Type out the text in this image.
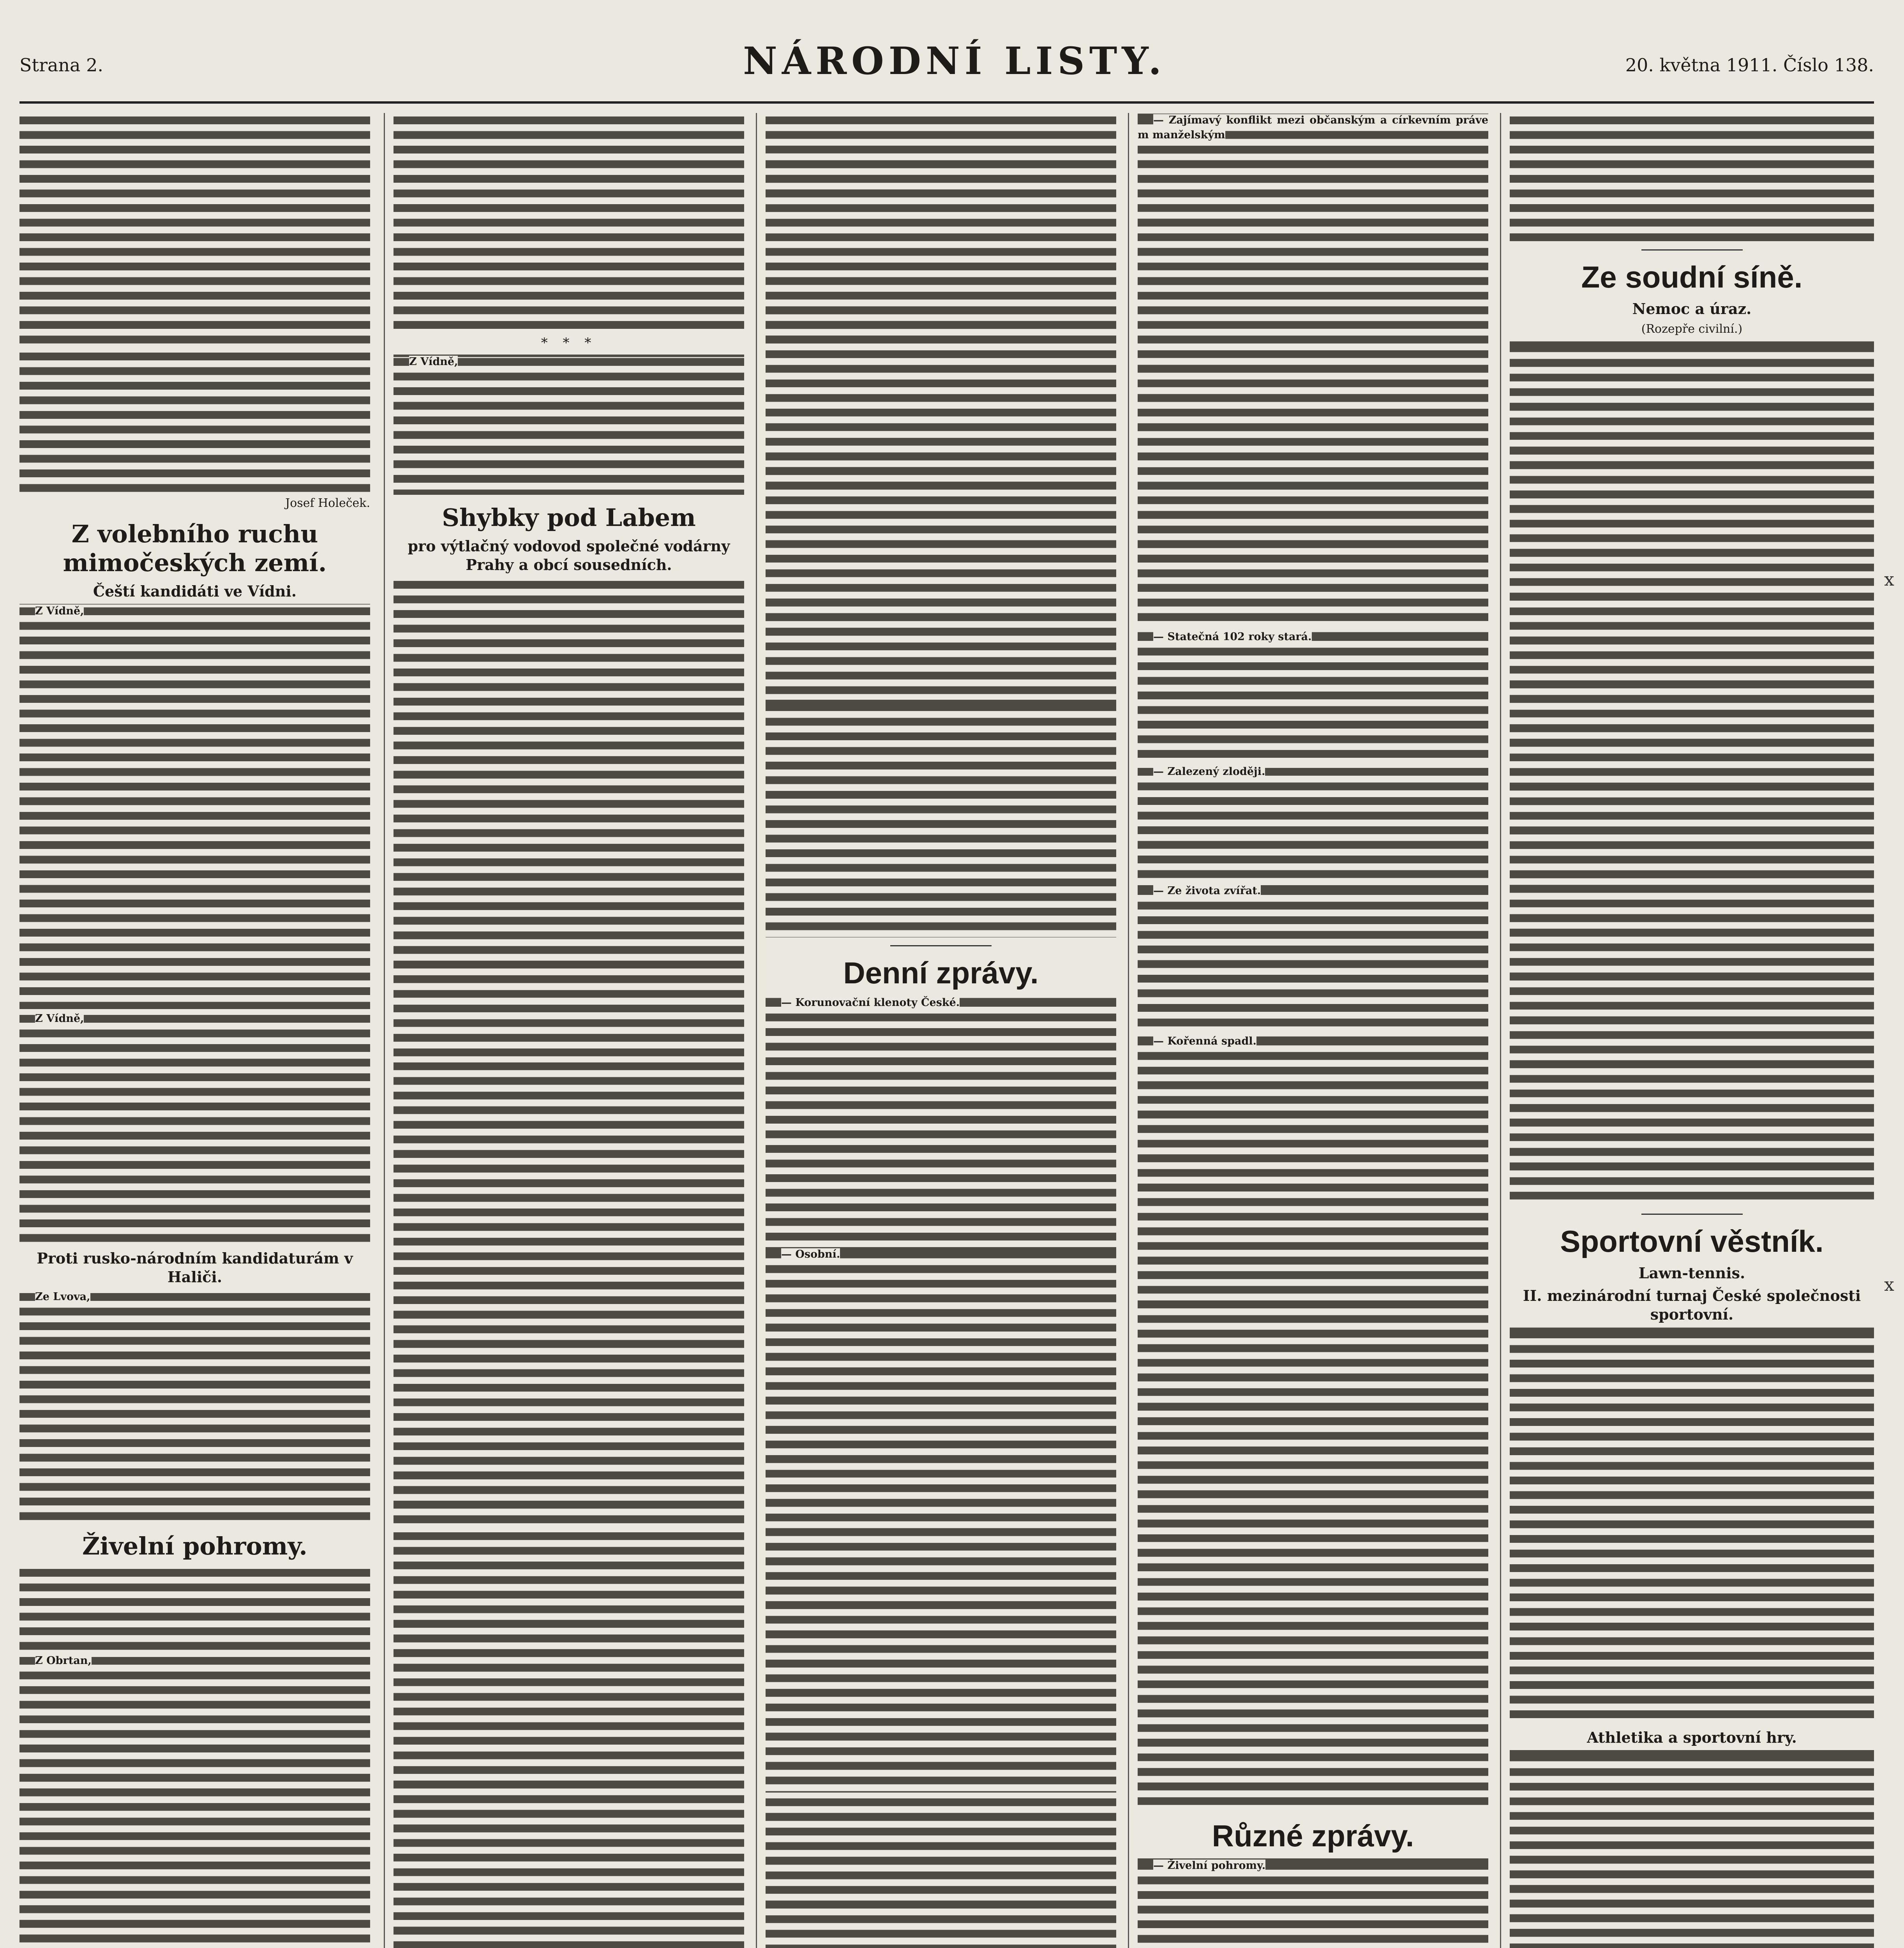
Strana 2.	NÁRODNÍ LISTY.	20. května 1911. Číslo 138.
x
x

Josef Holeček.
Z volebního ruchu mimočeských zemí.
Čeští kandidáti ve Vídni.

Z Vídně,

Z Vídně,

Proti rusko-národním kandidaturám v Haliči.

Ze Lvova,

Živelní pohromy.

Z Obrtan,

* * *

Z Vídně,

Shybky pod Labem
pro výtlačný vodovod společné vodárny Prahy a obcí sousedních.

Denní zprávy.

— Korunovační klenoty České.

— Osobní.

— Zajímavý konflikt mezi občanským a církevním právem manželským

— Statečná 102 roky stará.

— Zalezený zloději.

— Ze života zvířat.

— Kořenná spadl.

Různé zprávy.

— Živelní pohromy.

Ze soudní síně.
Nemoc a úraz.
(Rozepře civilní.)

Sportovní věstník.
Lawn-tennis.
II. mezinárodní turnaj České společnosti sportovní.

Athletika a sportovní hry.
